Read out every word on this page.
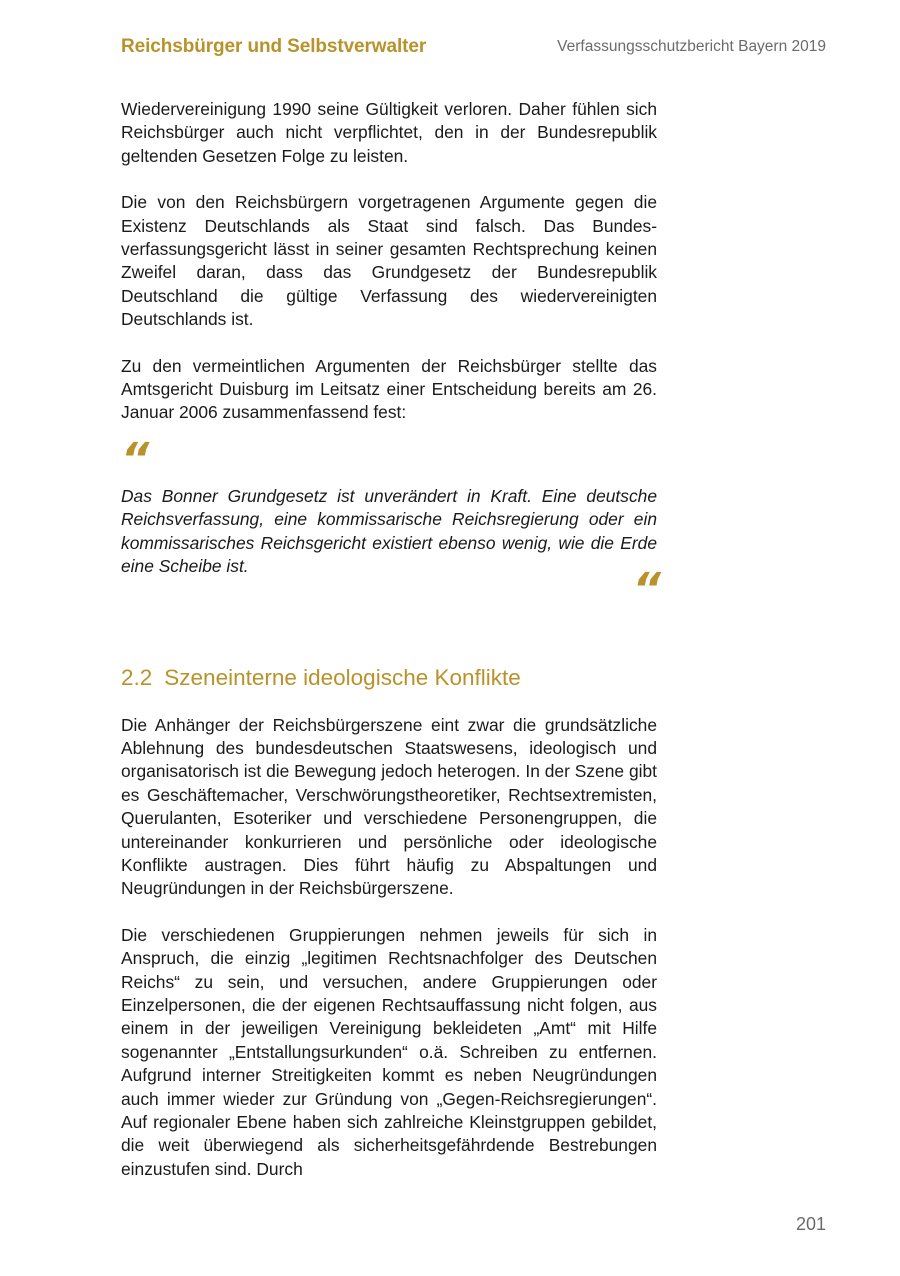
Reichsbürger und Selbstverwalter	Verfassungsschutzbericht Bayern 2019

Wiedervereinigung 1990 seine Gültigkeit verloren. Daher fühlen sich Reichsbürger auch nicht verpflichtet, den in der Bundesrepublik geltenden Gesetzen Folge zu leisten.

Die von den Reichsbürgern vorgetragenen Argumente gegen die Existenz Deutschlands als Staat sind falsch. Das Bundesverfassungsgericht lässt in seiner gesamten Rechtsprechung keinen Zweifel daran, dass das Grundgesetz der Bundesrepublik Deutschland die gültige Verfassung des wiedervereinigten Deutschlands ist.

Zu den vermeintlichen Argumenten der Reichsbürger stellte das Amtsgericht Duisburg im Leitsatz einer Entscheidung bereits am 26. Januar 2006 zusammenfassend fest:

“

Das Bonner Grundgesetz ist unverändert in Kraft. Eine deutsche Reichsverfassung, eine kommissarische Reichsregierung oder ein kommissarisches Reichsgericht existiert ebenso wenig, wie die Erde eine Scheibe ist.	“
2.2 Szeneinterne ideologische Konflikte

Die Anhänger der Reichsbürgerszene eint zwar die grundsätzliche Ablehnung des bundesdeutschen Staatswesens, ideologisch und organisatorisch ist die Bewegung jedoch heterogen. In der Szene gibt es Geschäftemacher, Verschwörungstheoretiker, Rechtsextremisten, Querulanten, Esoteriker und verschiedene Personengruppen, die untereinander konkurrieren und persönliche oder ideologische Konflikte austragen. Dies führt häufig zu Abspaltungen und Neugründungen in der Reichsbürgerszene.

Die verschiedenen Gruppierungen nehmen jeweils für sich in Anspruch, die einzig „legitimen Rechtsnachfolger des Deutschen Reichs“ zu sein, und versuchen, andere Gruppierungen oder Einzelpersonen, die der eigenen Rechtsauffassung nicht folgen, aus einem in der jeweiligen Vereinigung bekleideten „Amt“ mit Hilfe sogenannter „Entstallungsurkunden“ o.ä. Schreiben zu entfernen. Aufgrund interner Streitigkeiten kommt es neben Neugründungen auch immer wieder zur Gründung von „Gegen-Reichsregierungen“. Auf regionaler Ebene haben sich zahlreiche Kleinstgruppen gebildet, die weit überwiegend als sicherheitsgefährdende Bestrebungen einzustufen sind. Durch

201
